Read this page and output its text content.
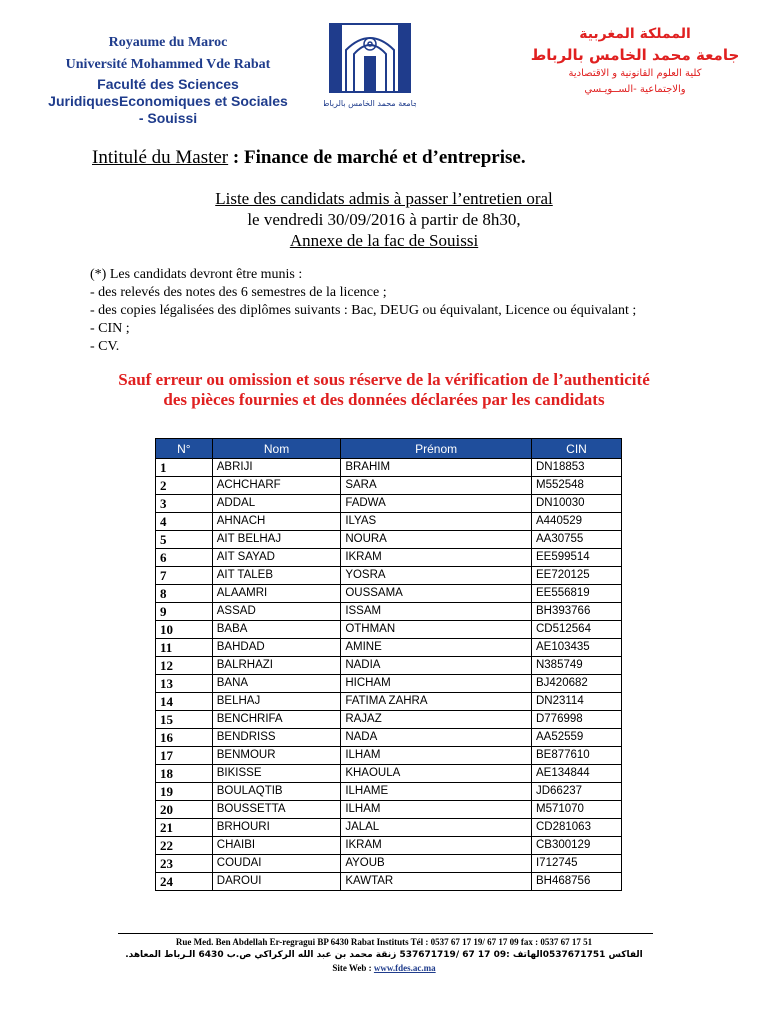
Royaume du Maroc
Université Mohammed Vde Rabat
Faculté des Sciences
JuridiquesEconomiques et Sociales
- Souissi
جامعة محمد الخامس بالرباط
المملكة المغربية
جامعة محمد الخامس بالرباط
كلية العلوم القانونية و الاقتصادية
والاجتماعية -الســويـسي
Intitulé du Master : Finance de marché et d’entreprise.
Liste des candidats admis à passer l’entretien oral
le vendredi 30/09/2016 à partir de 8h30,
Annexe de la fac de Souissi
(*) Les candidats devront être munis :
- des relevés des notes des 6 semestres de la licence ;
- des copies légalisées des diplômes suivants : Bac, DEUG ou équivalant, Licence ou équivalant ;
- CIN ;
- CV.
Sauf erreur ou omission et sous réserve de la vérification de l’authenticité
des pièces fournies et des données déclarées par les candidats
N°	Nom	Prénom	CIN
1	ABRIJI	BRAHIM	DN18853
2	ACHCHARF	SARA	M552548
3	ADDAL	FADWA	DN10030
4	AHNACH	ILYAS	A440529
5	AIT BELHAJ	NOURA	AA30755
6	AIT SAYAD	IKRAM	EE599514
7	AIT TALEB	YOSRA	EE720125
8	ALAAMRI	OUSSAMA	EE556819
9	ASSAD	ISSAM	BH393766
10	BABA	OTHMAN	CD512564
11	BAHDAD	AMINE	AE103435
12	BALRHAZI	NADIA	N385749
13	BANA	HICHAM	BJ420682
14	BELHAJ	FATIMA ZAHRA	DN23114
15	BENCHRIFA	RAJAZ	D776998
16	BENDRISS	NADA	AA52559
17	BENMOUR	ILHAM	BE877610
18	BIKISSE	KHAOULA	AE134844
19	BOULAQTIB	ILHAME	JD66237
20	BOUSSETTA	ILHAM	M571070
21	BRHOURI	JALAL	CD281063
22	CHAIBI	IKRAM	CB300129
23	COUDAI	AYOUB	I712745
24	DAROUI	KAWTAR	BH468756
Rue Med. Ben Abdellah Er-regragui BP 6430 Rabat Instituts Tél : 0537 67 17 19/ 67 17 09 fax : 0537 67 17 51
الفاكس 0537671751الهاتف :09 17 67 /537671719 زنقة محمد بن عبد الله الركراكي ص.ب 6430 الـرباط المعاهد.
Site Web : www.fdes.ac.ma
